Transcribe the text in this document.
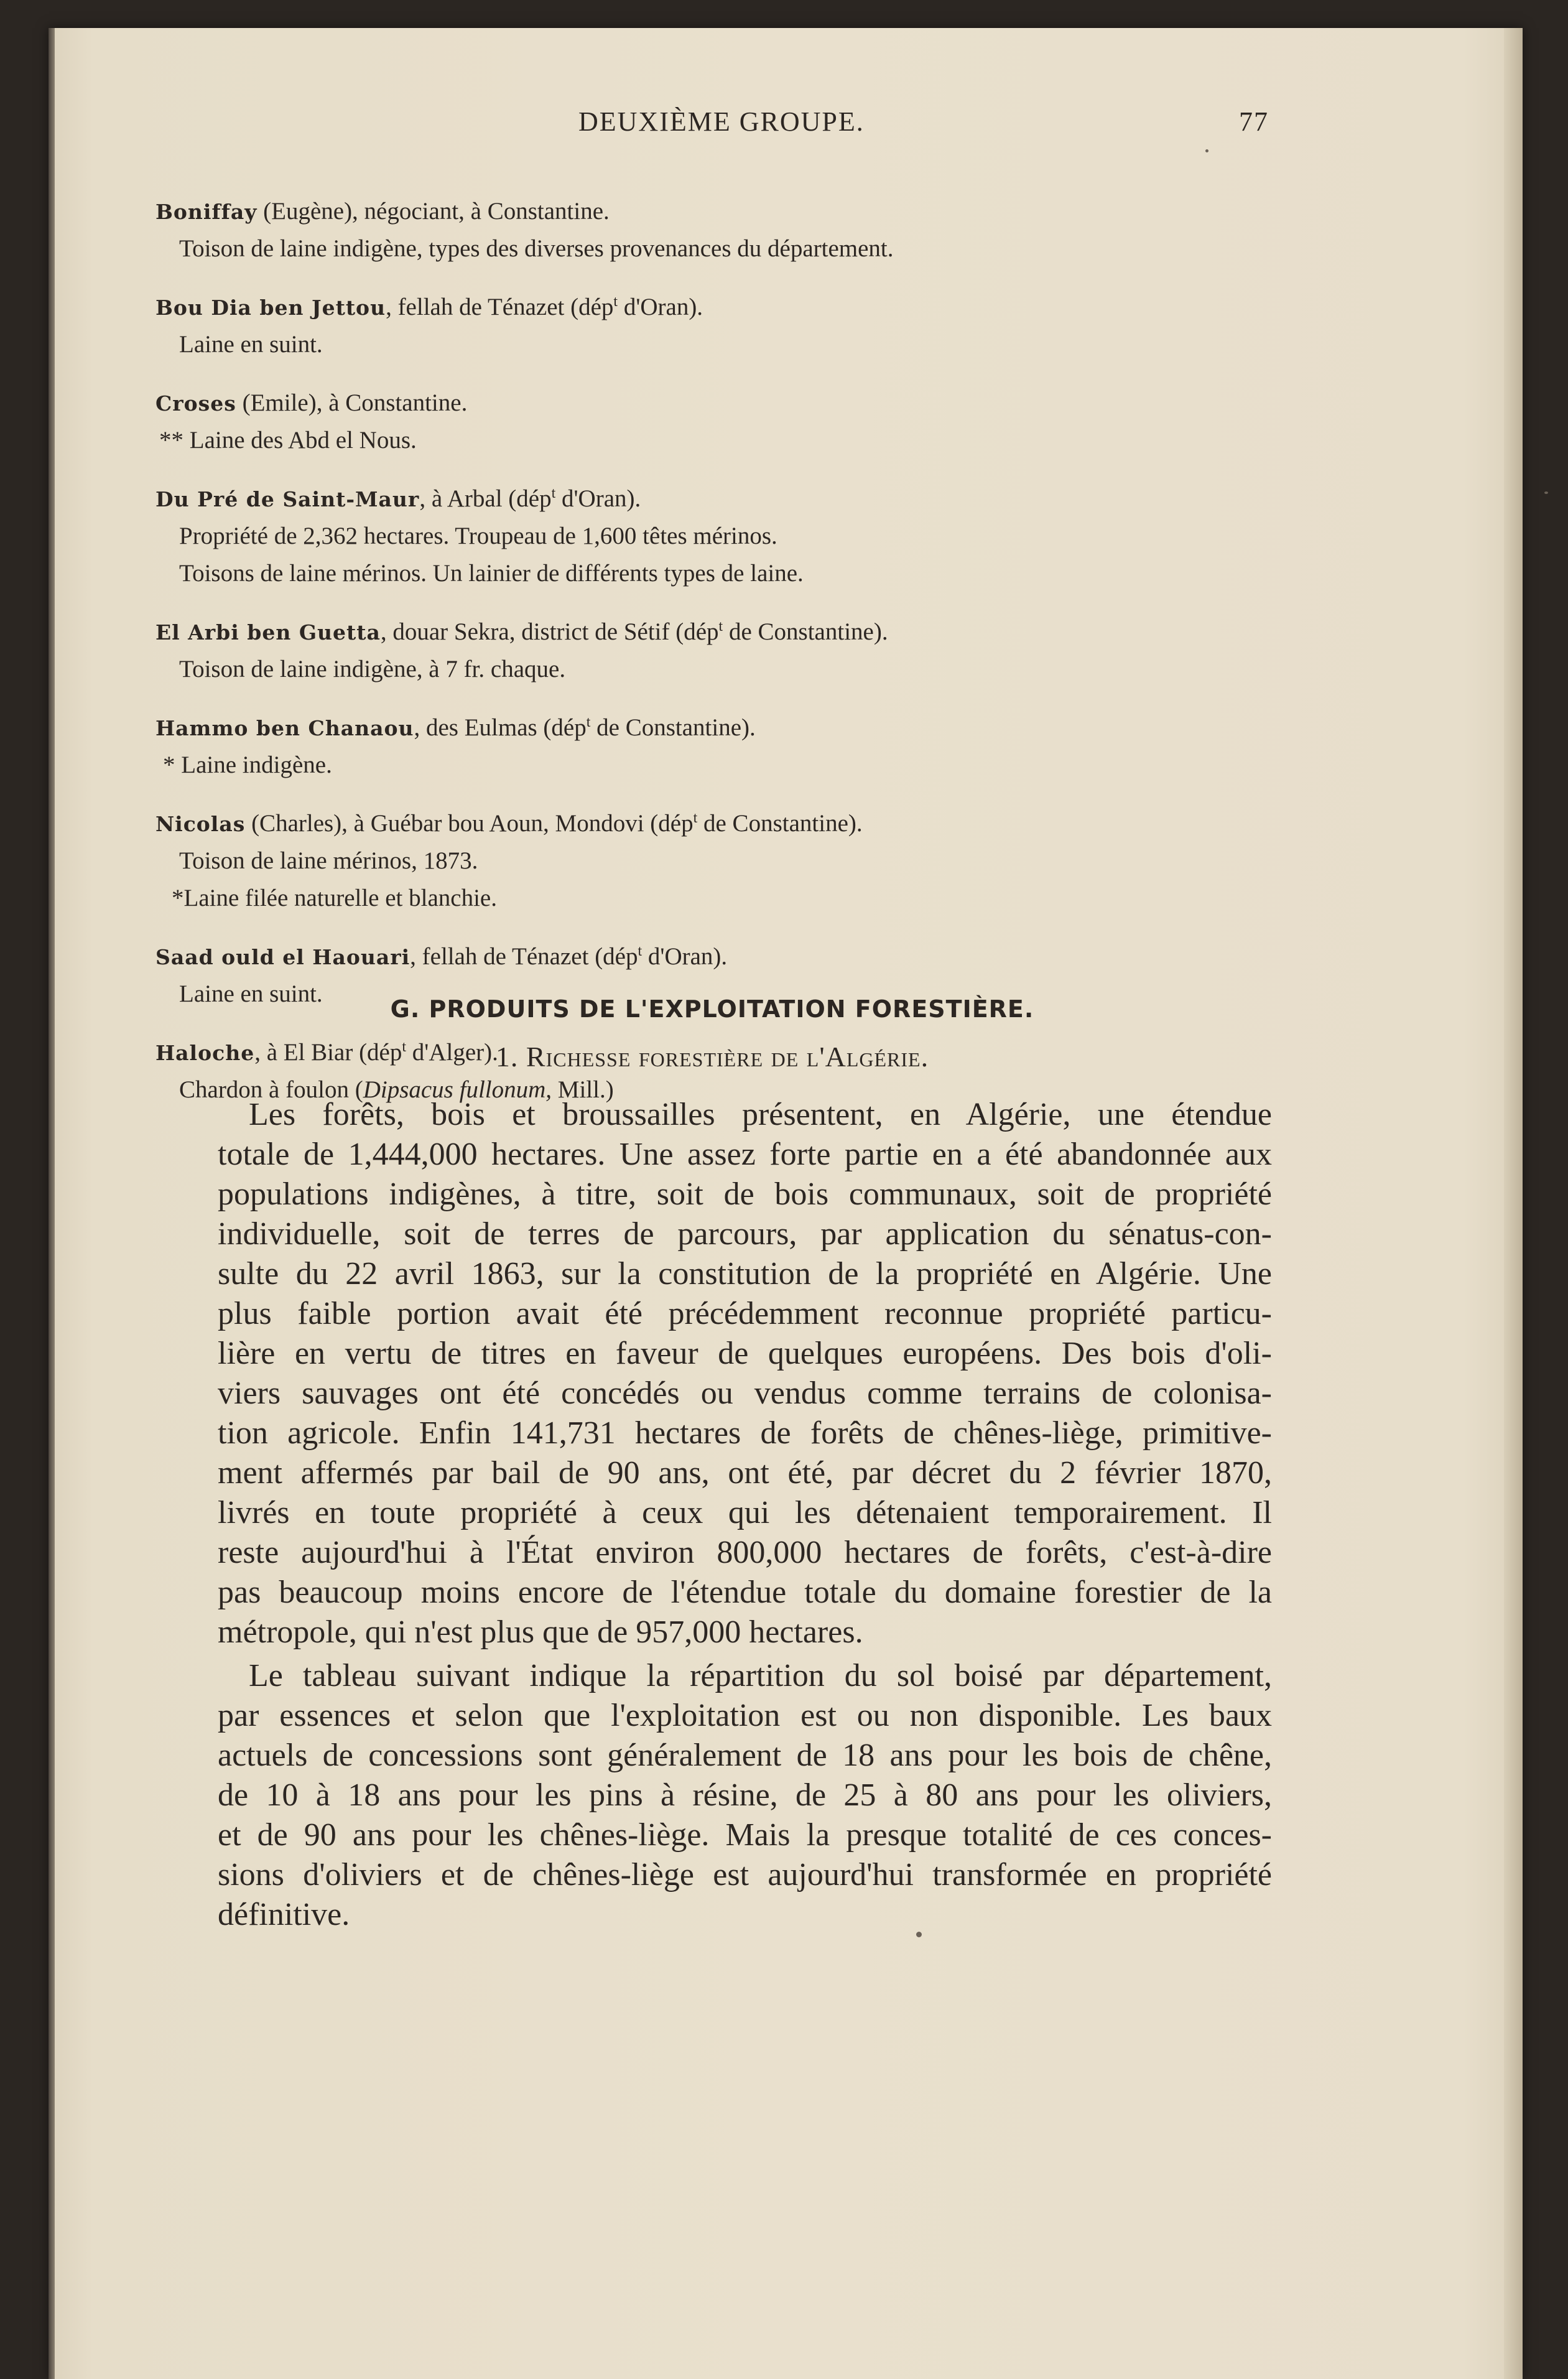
DEUXIÈME GROUPE.	77
Boniffay (Eugène), négociant, à Constantine.
Toison de laine indigène, types des diverses provenances du département.
Bou Dia ben Jettou, fellah de Ténazet (dép$^t$ d'Oran).
Laine en suint.
Croses (Emile), à Constantine.
** Laine des Abd el Nous.
Du Pré de Saint-Maur, à Arbal (dép$^t$ d'Oran).
Propriété de 2,362 hectares. Troupeau de 1,600 têtes mérinos.
Toisons de laine mérinos. Un lainier de différents types de laine.
El Arbi ben Guetta, douar Sekra, district de Sétif (dép$^t$ de Constantine).
Toison de laine indigène, à 7 fr. chaque.
Hammo ben Chanaou, des Eulmas (dép$^t$ de Constantine).
* Laine indigène.
Nicolas (Charles), à Guébar bou Aoun, Mondovi (dép$^t$ de Constantine).
Toison de laine mérinos, 1873.
*Laine filée naturelle et blanchie.
Saad ould el Haouari, fellah de Ténazet (dép$^t$ d'Oran).
Laine en suint.
Haloche, à El Biar (dép$^t$ d'Alger).
Chardon à foulon (Dipsacus fullonum, Mill.)
G. PRODUITS DE L'EXPLOITATION FORESTIÈRE.
1. Richesse forestière de l'Algérie.
Les forêts, bois et broussailles présentent, en Algérie, une étendue
totale de 1,444,000 hectares. Une assez forte partie en a été abandonnée aux
populations indigènes, à titre, soit de bois communaux, soit de propriété
individuelle, soit de terres de parcours, par application du sénatus-con-
sulte du 22 avril 1863, sur la constitution de la propriété en Algérie. Une
plus faible portion avait été précédemment reconnue propriété particu-
lière en vertu de titres en faveur de quelques européens. Des bois d'oli-
viers sauvages ont été concédés ou vendus comme terrains de colonisa-
tion agricole. Enfin 141,731 hectares de forêts de chênes-liège, primitive-
ment affermés par bail de 90 ans, ont été, par décret du 2 février 1870,
livrés en toute propriété à ceux qui les détenaient temporairement. Il
reste aujourd'hui à l'État environ 800,000 hectares de forêts, c'est-à-dire
pas beaucoup moins encore de l'étendue totale du domaine forestier de la
métropole, qui n'est plus que de 957,000 hectares.
Le tableau suivant indique la répartition du sol boisé par département,
par essences et selon que l'exploitation est ou non disponible. Les baux
actuels de concessions sont généralement de 18 ans pour les bois de chêne,
de 10 à 18 ans pour les pins à résine, de 25 à 80 ans pour les oliviers,
et de 90 ans pour les chênes-liège. Mais la presque totalité de ces conces-
sions d'oliviers et de chênes-liège est aujourd'hui transformée en propriété
définitive.
